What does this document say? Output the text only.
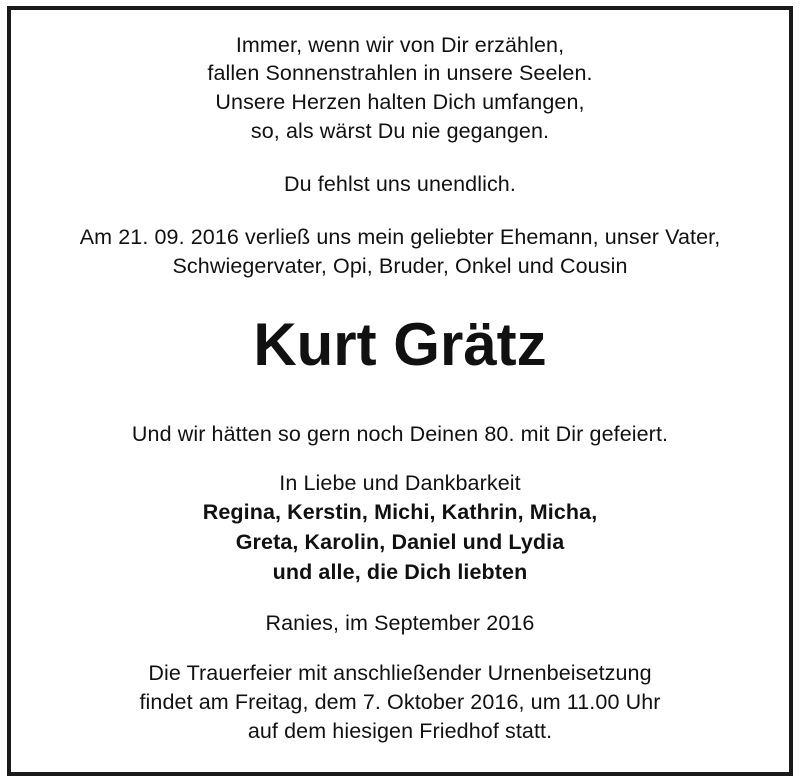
Immer, wenn wir von Dir erzählen,
fallen Sonnenstrahlen in unsere Seelen.
Unsere Herzen halten Dich umfangen,
so, als wärst Du nie gegangen.
Du fehlst uns unendlich.
Am 21. 09. 2016 verließ uns mein geliebter Ehemann, unser Vater,
Schwiegervater, Opi, Bruder, Onkel und Cousin
Kurt Grätz
Und wir hätten so gern noch Deinen 80. mit Dir gefeiert.
In Liebe und Dankbarkeit
Regina, Kerstin, Michi, Kathrin, Micha,
Greta, Karolin, Daniel und Lydia
und alle, die Dich liebten
Ranies, im September 2016
Die Trauerfeier mit anschließender Urnenbeisetzung
findet am Freitag, dem 7. Oktober 2016, um 11.00 Uhr
auf dem hiesigen Friedhof statt.
